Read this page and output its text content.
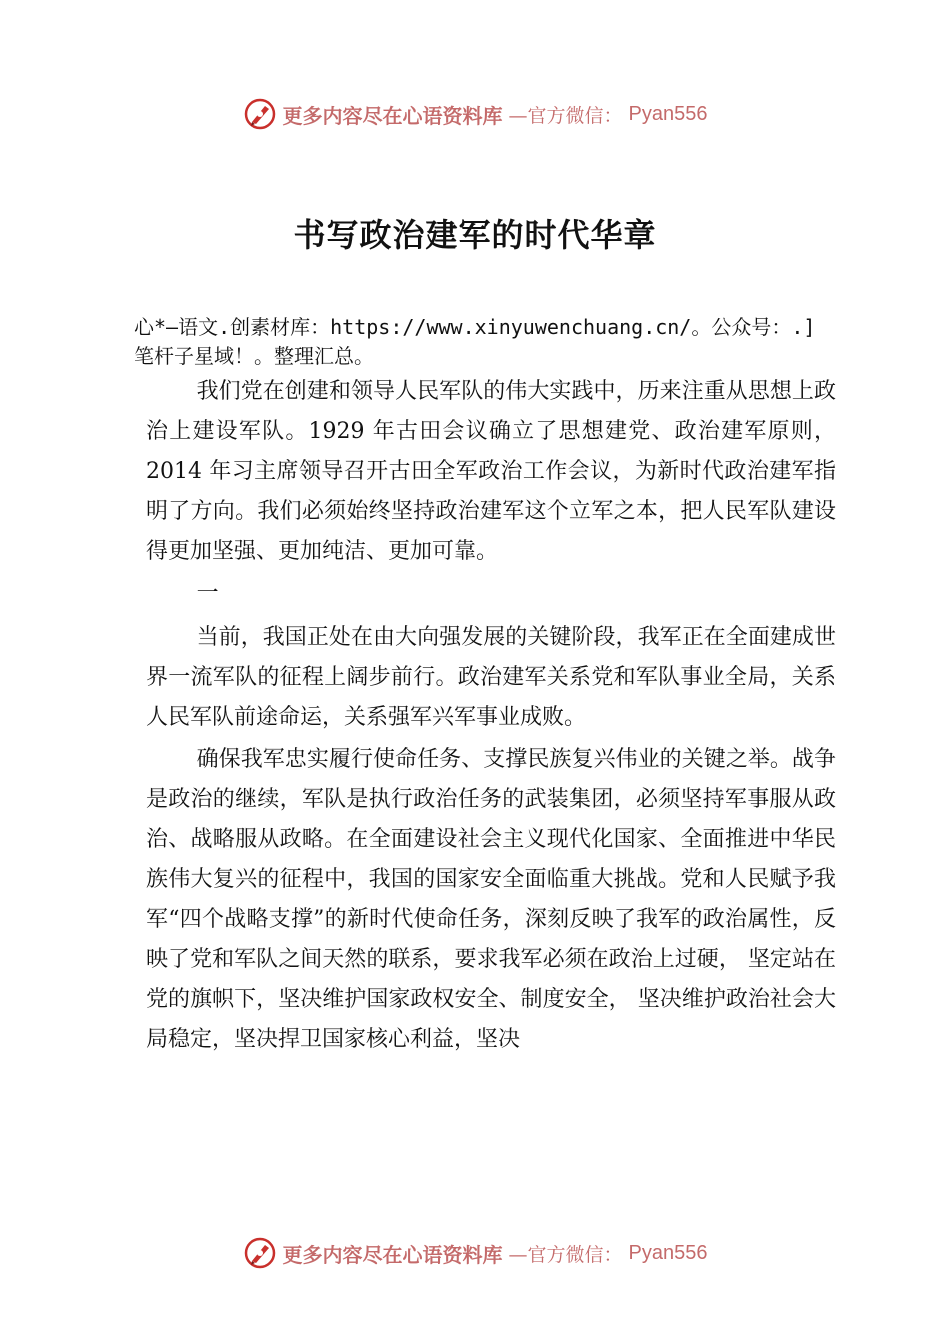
更多内容尽在心语资料库 —官方微信： Pyan556
书写政治建军的时代华章
心*—语文.创素材库：https://www.xinyuwenchuang.cn/。公众号：.]笔杆子星域！。整理汇总。

我们党在创建和领导人民军队的伟大实践中，历来注重从思想上政治上建设军队。1929 年古田会议确立了思想建党、政治建军原则，2014 年习主席领导召开古田全军政治工作会议，为新时代政治建军指明了方向。我们必须始终坚持政治建军这个立军之本，把人民军队建设得更加坚强、更加纯洁、更加可靠。

一

当前，我国正处在由大向强发展的关键阶段，我军正在全面建成世界一流军队的征程上阔步前行。政治建军关系党和军队事业全局，关系人民军队前途命运，关系强军兴军事业成败。

确保我军忠实履行使命任务、支撑民族复兴伟业的关键之举。战争是政治的继续，军队是执行政治任务的武装集团，必须坚持军事服从政治、战略服从政略。在全面建设社会主义现代化国家、全面推进中华民族伟大复兴的征程中，我国的国家安全面临重大挑战。党和人民赋予我军“四个战略支撑”的新时代使命任务，深刻反映了我军的政治属性，反映了党和军队之间天然的联系，要求我军必须在政治上过硬， 坚定站在党的旗帜下，坚决维护国家政权安全、制度安全， 坚决维护政治社会大局稳定，坚决捍卫国家核心利益，坚决

更多内容尽在心语资料库 —官方微信： Pyan556
